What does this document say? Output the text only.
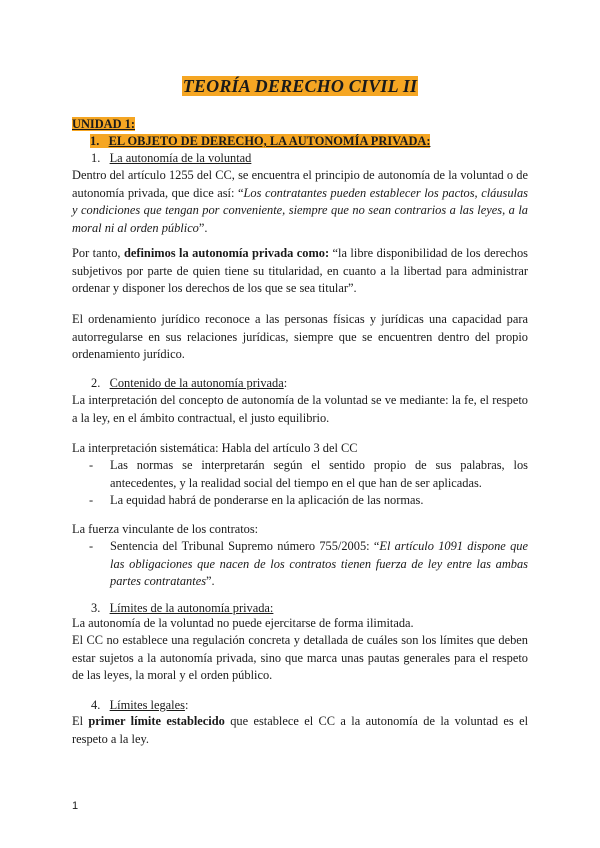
TEORÍA DERECHO CIVIL II
UNIDAD 1:
1. EL OBJETO DE DERECHO, LA AUTONOMÍA PRIVADA:
1. La autonomía de la voluntad
Dentro del artículo 1255 del CC, se encuentra el principio de autonomía de la voluntad o de autonomía privada, que dice así: “Los contratantes pueden establecer los pactos, cláusulas y condiciones que tengan por conveniente, siempre que no sean contrarios a las leyes, a la moral ni al orden público”.
Por tanto, definimos la autonomía privada como: “la libre disponibilidad de los derechos subjetivos por parte de quien tiene su titularidad, en cuanto a la libertad para administrar ordenar y disponer los derechos de los que se sea titular”.
El ordenamiento jurídico reconoce a las personas físicas y jurídicas una capacidad para autorregularse en sus relaciones jurídicas, siempre que se encuentren dentro del propio ordenamiento jurídico.
2. Contenido de la autonomía privada:
La interpretación del concepto de autonomía de la voluntad se ve mediante: la fe, el respeto a la ley, en el ámbito contractual, el justo equilibrio.
La interpretación sistemática: Habla del artículo 3 del CC
- Las normas se interpretarán según el sentido propio de sus palabras, los antecedentes, y la realidad social del tiempo en el que han de ser aplicadas.
- La equidad habrá de ponderarse en la aplicación de las normas.
La fuerza vinculante de los contratos:
- Sentencia del Tribunal Supremo número 755/2005: “El artículo 1091 dispone que las obligaciones que nacen de los contratos tienen fuerza de ley entre las ambas partes contratantes”.
3. Límites de la autonomía privada:
La autonomía de la voluntad no puede ejercitarse de forma ilimitada.
El CC no establece una regulación concreta y detallada de cuáles son los límites que deben estar sujetos a la autonomía privada, sino que marca unas pautas generales para el respeto de las leyes, la moral y el orden público.
4. Límites legales:
El primer límite establecido que establece el CC a la autonomía de la voluntad es el respeto a la ley.
1
